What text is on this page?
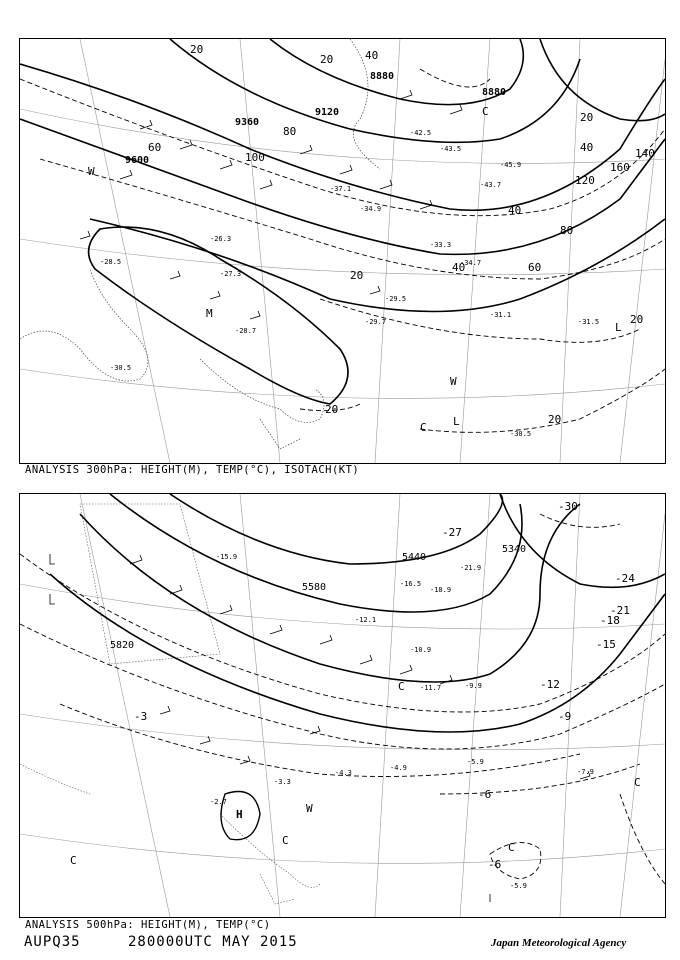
8880
8880
9120
9360
9600
20
20
20
20
40
40
40
40
60
60
80
80
100
120
140
160
20
20
20
-45.9
-43.7
-42.5
-43.5
-37.1
-34.9
-33.3
-34.7
-31.1
-31.5
-29.5
-29.7
-28.7
-26.3
-27.3
-28.5
-30.5
-30.5
C
C
L
L
W
W
M
ANALYSIS 300hPa: HEIGHT(M), TEMP(°C), ISOTACH(KT)
5340
5440
5580
5820
-30
-27
-24
-21
-18
-15
-12
-9
-6
-6
-3
-21.9
-16.5
-18.9
-15.9
-12.1
-11.7
-10.9
-9.9
-5.9
-7.9
-5.9
-4.9
-4.3
-2.7
-3.3
C
C
C
C
C
H	W
ANALYSIS 500hPa: HEIGHT(M), TEMP(°C)
AUPQ35	280000UTC MAY 2015	Japan Meteorological Agency
